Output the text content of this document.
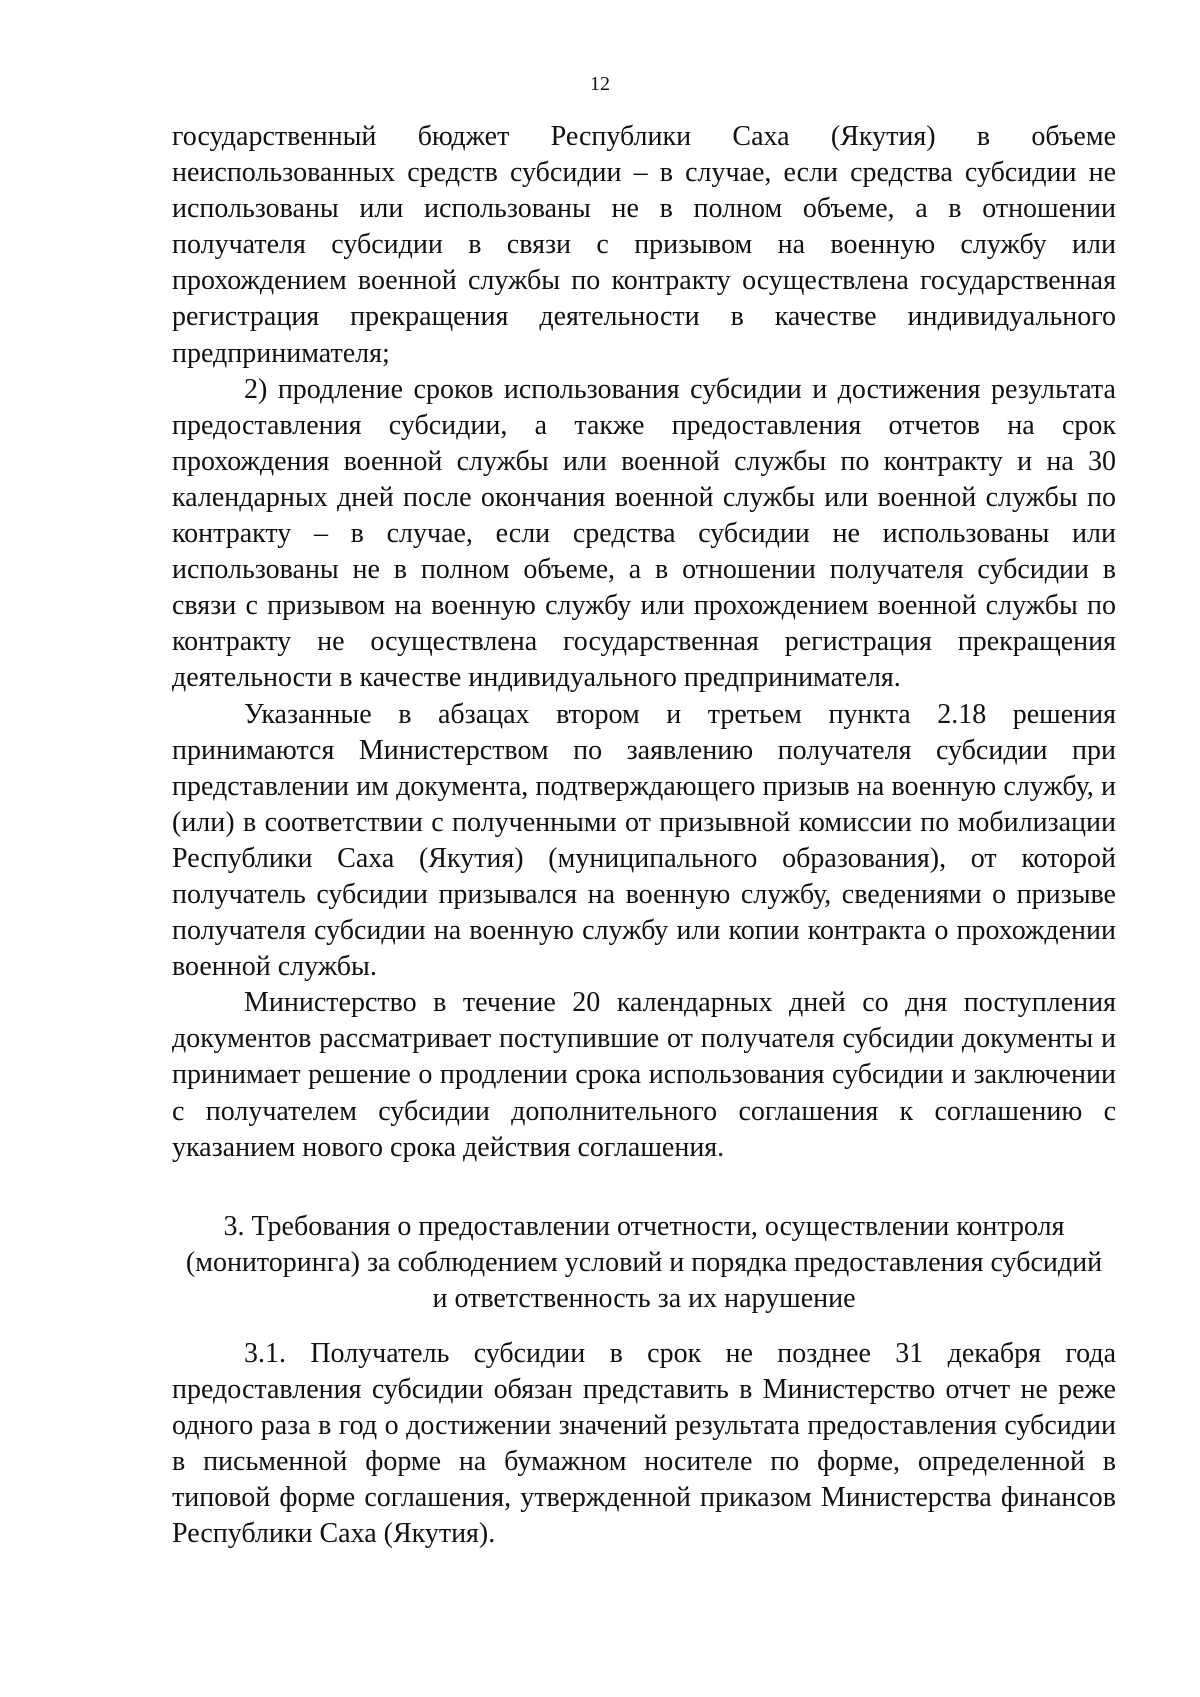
12

государственный бюджет Республики Саха (Якутия) в объеме неиспользованных средств субсидии – в случае, если средства субсидии не использованы или использованы не в полном объеме, а в отношении получателя субсидии в связи с призывом на военную службу или прохождением военной службы по контракту осуществлена государственная регистрация прекращения деятельности в качестве индивидуального предпринимателя;

2) продление сроков использования субсидии и достижения результата предоставления субсидии, а также предоставления отчетов на срок прохождения военной службы или военной службы по контракту и на 30 календарных дней после окончания военной службы или военной службы по контракту – в случае, если средства субсидии не использованы или использованы не в полном объеме, а в отношении получателя субсидии в связи с призывом на военную службу или прохождением военной службы по контракту не осуществлена государственная регистрация прекращения деятельности в качестве индивидуального предпринимателя.

Указанные в абзацах втором и третьем пункта 2.18 решения принимаются Министерством по заявлению получателя субсидии при представлении им документа, подтверждающего призыв на военную службу, и (или) в соответствии с полученными от призывной комиссии по мобилизации Республики Саха (Якутия) (муниципального образования), от которой получатель субсидии призывался на военную службу, сведениями о призыве получателя субсидии на военную службу или копии контракта о прохождении военной службы.

Министерство в течение 20 календарных дней со дня поступления документов рассматривает поступившие от получателя субсидии документы и принимает решение о продлении срока использования субсидии и заключении с получателем субсидии дополнительного соглашения к соглашению с указанием нового срока действия соглашения.

3. Требования о предоставлении отчетности, осуществлении контроля
(мониторинга) за соблюдением условий и порядка предоставления субсидий
и ответственность за их нарушение

3.1. Получатель субсидии в срок не позднее 31 декабря года предоставления субсидии обязан представить в Министерство отчет не реже одного раза в год о достижении значений результата предоставления субсидии в письменной форме на бумажном носителе по форме, определенной в типовой форме соглашения, утвержденной приказом Министерства финансов Республики Саха (Якутия).
